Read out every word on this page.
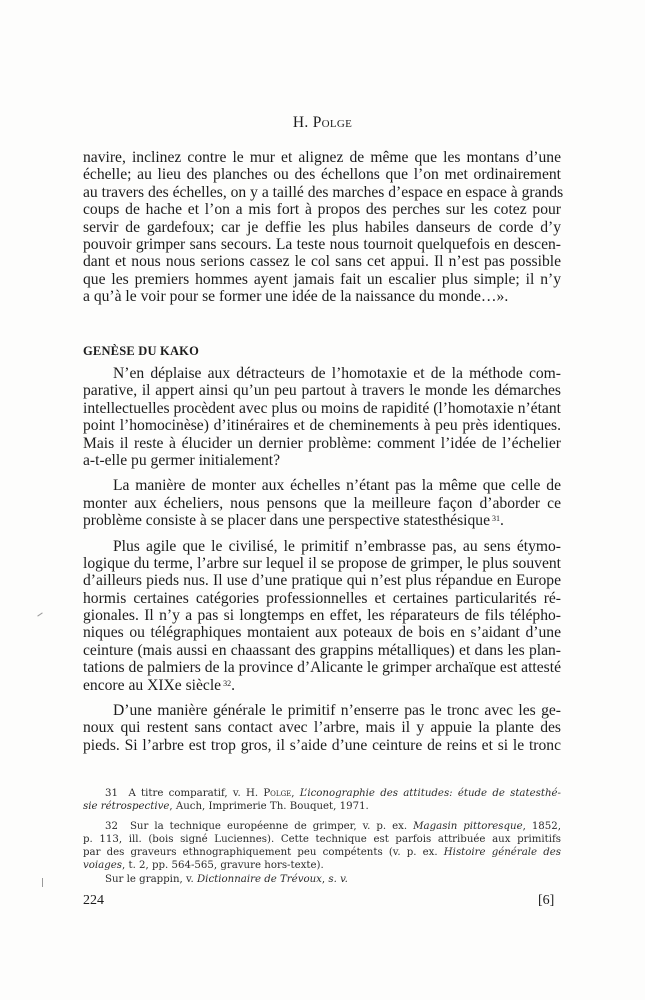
H. Polge
navire, inclinez contre le mur et alignez de même que les montans d’une
échelle; au lieu des planches ou des échellons que l’on met ordinairement
au travers des échelles, on y a taillé des marches d’espace en espace à grands
coups de hache et l’on a mis fort à propos des perches sur les cotez pour
servir de gardefoux; car je deffie les plus habiles danseurs de corde d’y
pouvoir grimper sans secours. La teste nous tournoit quelquefois en descen-
dant et nous nous serions cassez le col sans cet appui. Il n’est pas possible
que les premiers hommes ayent jamais fait un escalier plus simple; il n’y
a qu’à le voir pour se former une idée de la naissance du monde…».
GENÈSE DU KAKO
N’en déplaise aux détracteurs de l’homotaxie et de la méthode com-
parative, il appert ainsi qu’un peu partout à travers le monde les démarches
intellectuelles procèdent avec plus ou moins de rapidité (l’homotaxie n’étant
point l’homocinèse) d’itinéraires et de cheminements à peu près identiques.
Mais il reste à élucider un dernier problème: comment l’idée de l’échelier
a-t-elle pu germer initialement?
La manière de monter aux échelles n’étant pas la même que celle de
monter aux écheliers, nous pensons que la meilleure façon d’aborder ce
problème consiste à se placer dans une perspective statesthésique $^{31}$.
Plus agile que le civilisé, le primitif n’embrasse pas, au sens étymo-
logique du terme, l’arbre sur lequel il se propose de grimper, le plus souvent
d’ailleurs pieds nus. Il use d’une pratique qui n’est plus répandue en Europe
hormis certaines catégories professionnelles et certaines particularités ré-
gionales. Il n’y a pas si longtemps en effet, les réparateurs de fils télépho-
niques ou télégraphiques montaient aux poteaux de bois en s’aidant d’une
ceinture (mais aussi en chaassant des grappins métalliques) et dans les plan-
tations de palmiers de la province d’Alicante le grimper archaïque est attesté
encore au XIXe siècle $^{32}$.
D’une manière générale le primitif n’enserre pas le tronc avec les ge-
noux qui restent sans contact avec l’arbre, mais il y appuie la plante des
pieds. Si l’arbre est trop gros, il s’aide d’une ceinture de reins et si le tronc
31 A titre comparatif, v. H. Polge, L’iconographie des attitudes: étude de statesthé-
sie rétrospective, Auch, Imprimerie Th. Bouquet, 1971.
32 Sur la technique européenne de grimper, v. p. ex. Magasin pittoresque, 1852,
p. 113, ill. (bois signé Luciennes). Cette technique est parfois attribuée aux primitifs
par des graveurs ethnographiquement peu compétents (v. p. ex. Histoire générale des
voiages, t. 2, pp. 564-565, gravure hors-texte).
Sur le grappin, v. Dictionnaire de Trévoux, s. v.
224	[6]
